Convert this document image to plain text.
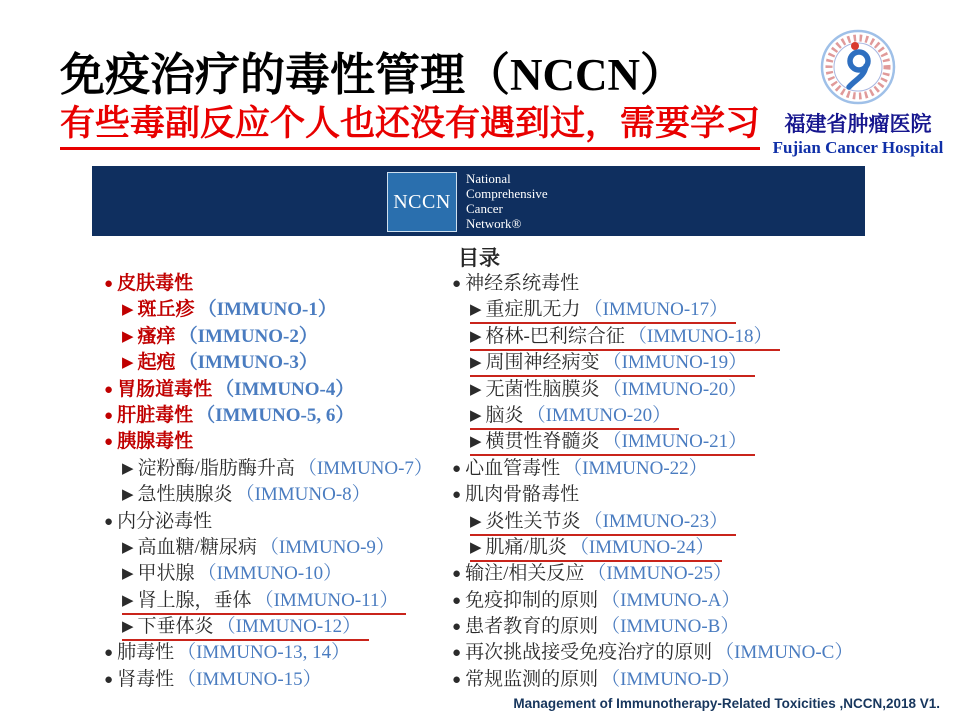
免疫治疗的毒性管理（NCCN）
有些毒副反应个人也还没有遇到过，需要学习	福建省肿瘤医院
Fujian Cancer Hospital
NCCN
National
Comprehensive
Cancer
Network®
目录
● 皮肤毒性
▶ 斑丘疹 （IMMUNO-1）
▶ 瘙痒 （IMMUNO-2）
▶ 起疱 （IMMUNO-3）
● 胃肠道毒性 （IMMUNO-4）
● 肝脏毒性 （IMMUNO-5, 6）
● 胰腺毒性
▶ 淀粉酶/脂肪酶升高 （IMMUNO-7）
▶ 急性胰腺炎 （IMMUNO-8）
● 内分泌毒性
▶ 高血糖/糖尿病 （IMMUNO-9）
▶ 甲状腺 （IMMUNO-10）
▶ 肾上腺，垂体 （IMMUNO-11）
▶ 下垂体炎 （IMMUNO-12）
● 肺毒性 （IMMUNO-13, 14）
● 肾毒性 （IMMUNO-15）
● 神经系统毒性
▶ 重症肌无力 （IMMUNO-17）
▶ 格林-巴利综合征 （IMMUNO-18）
▶ 周围神经病变 （IMMUNO-19）
▶ 无菌性脑膜炎 （IMMUNO-20）
▶ 脑炎 （IMMUNO-20）
▶ 横贯性脊髓炎 （IMMUNO-21）
● 心血管毒性 （IMMUNO-22）
● 肌肉骨骼毒性
▶ 炎性关节炎 （IMMUNO-23）
▶ 肌痛/肌炎 （IMMUNO-24）
● 输注/相关反应 （IMMUNO-25）
● 免疫抑制的原则 （IMMUNO-A）
● 患者教育的原则 （IMMUNO-B）
● 再次挑战接受免疫治疗的原则 （IMMUNO-C）
● 常规监测的原则 （IMMUNO-D）
Management of Immunotherapy-Related Toxicities ,NCCN,2018 V1.
